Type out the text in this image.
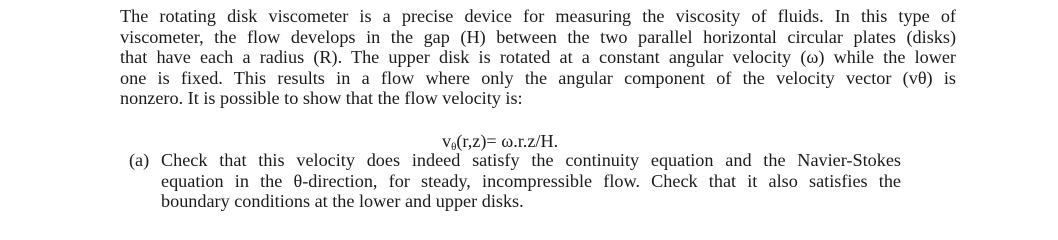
The rotating disk viscometer is a precise device for measuring the viscosity of fluids. In this type of
viscometer, the flow develops in the gap (H) between the two parallel horizontal circular plates (disks)
that have each a radius (R). The upper disk is rotated at a constant angular velocity (ω) while the lower
one is fixed. This results in a flow where only the angular component of the velocity vector (vθ) is
nonzero. It is possible to show that the flow velocity is:
$v_\theta(r,z)= \omega.r.z/H$.
(a) Check that this velocity does indeed satisfy the continuity equation and the Navier-Stokes
equation in the θ-direction, for steady, incompressible flow. Check that it also satisfies the
boundary conditions at the lower and upper disks.
